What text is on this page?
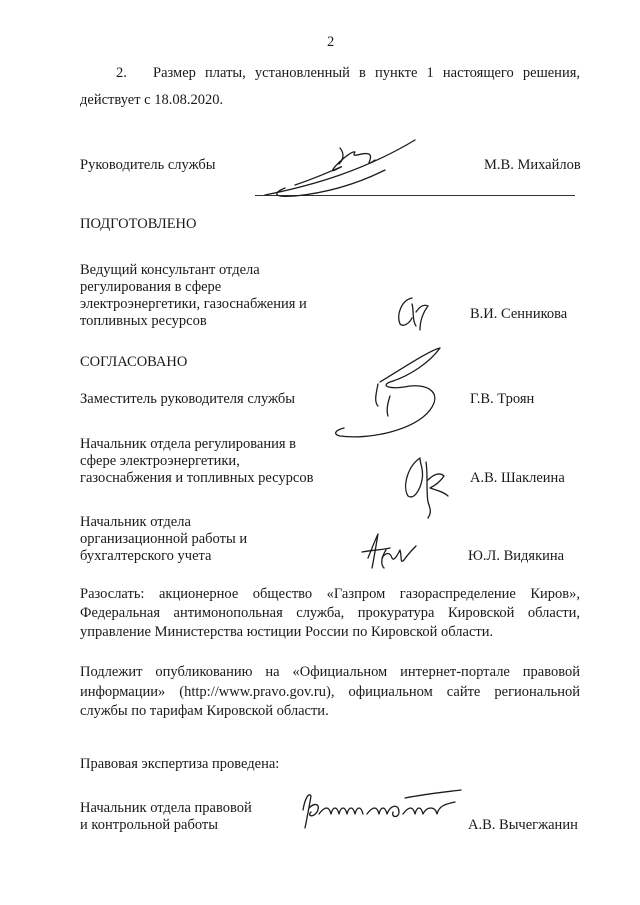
2
2. Размер платы, установленный в пункте 1 настоящего решения,
действует с 18.08.2020.
Руководитель службы	М.В. Михайлов
ПОДГОТОВЛЕНО
Ведущий консультант отдела
регулирования в сфере
электроэнергетики, газоснабжения и
топливных ресурсов	В.И. Сенникова
СОГЛАСОВАНО
Заместитель руководителя службы	Г.В. Троян
Начальник отдела регулирования в
сфере электроэнергетики,
газоснабжения и топливных ресурсов	А.В. Шаклеина
Начальник отдела
организационной работы и
бухгалтерского учета	Ю.Л. Видякина
Разослать: акционерное общество «Газпром газораспределение Киров»,
Федеральная антимонопольная служба, прокуратура Кировской области,
управление Министерства юстиции России по Кировской области.
Подлежит опубликованию на «Официальном интернет-портале правовой
информации» (http://www.pravo.gov.ru), официальном сайте региональной
службы по тарифам Кировской области.
Правовая экспертиза проведена:
Начальник отдела правовой
и контрольной работы	А.В. Вычегжанин
